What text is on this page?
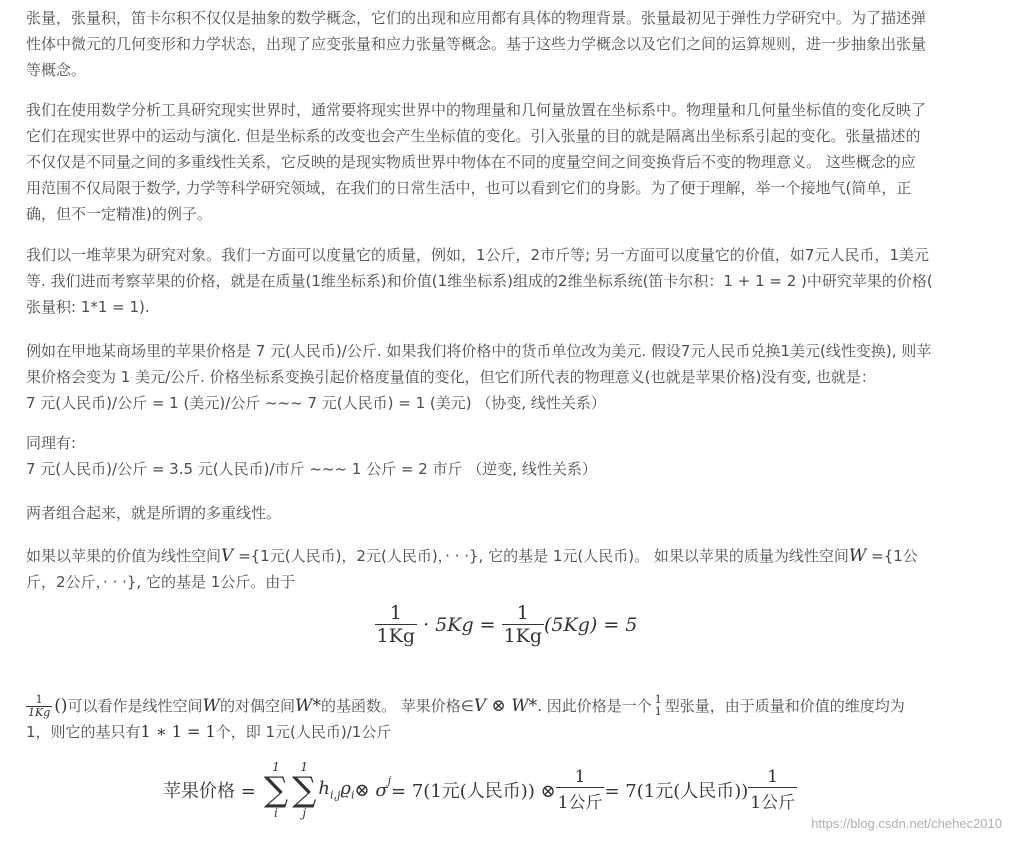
张量，张量积，笛卡尔积不仅仅是抽象的数学概念，它们的出现和应用都有具体的物理背景。张量最初见于弹性力学研究中。为了描述弹

性体中微元的几何变形和力学状态，出现了应变张量和应力张量等概念。基于这些力学概念以及它们之间的运算规则，进一步抽象出张量

等概念。

我们在使用数学分析工具研究现实世界时，通常要将现实世界中的物理量和几何量放置在坐标系中。物理量和几何量坐标值的变化反映了

它们在现实世界中的运动与演化. 但是坐标系的改变也会产生坐标值的变化。引入张量的目的就是隔离出坐标系引起的变化。张量描述的

不仅仅是不同量之间的多重线性关系，它反映的是现实物质世界中物体在不同的度量空间之间变换背后不变的物理意义。 这些概念的应

用范围不仅局限于数学, 力学等科学研究领域，在我们的日常生活中，也可以看到它们的身影。为了便于理解，举一个接地气(简单，正

确，但不一定精准)的例子。

我们以一堆苹果为研究对象。我们一方面可以度量它的质量，例如，1公斤，2市斤等; 另一方面可以度量它的价值，如7元人民币，1美元

等. 我们进而考察苹果的价格，就是在质量(1维坐标系)和价值(1维坐标系)组成的2维坐标系统(笛卡尔积：1 + 1 = 2 )中研究苹果的价格(

张量积: 1*1 = 1).

例如在甲地某商场里的苹果价格是 7 元(人民币)/公斤. 如果我们将价格中的货币单位改为美元. 假设7元人民币兑换1美元(线性变换), 则苹

果价格会变为 1 美元/公斤. 价格坐标系变换引起价格度量值的变化，但它们所代表的物理意义(也就是苹果价格)没有变, 也就是：

7 元(人民币)/公斤 = 1 (美元)/公斤 ~~~ 7 元(人民币) = 1 (美元) （协变, 线性关系）

同理有:

7 元(人民币)/公斤 = 3.5 元(人民币)/市斤 ~~~ 1 公斤 = 2 市斤 （逆变, 线性关系）

两者组合起来，就是所谓的多重线性。

如果以苹果的价值为线性空间V ={1元(人民币)，2元(人民币)，· · ·}, 它的基是 1元(人民币)。 如果以苹果的质量为线性空间W ={1公

斤，2公斤，· · ·}, 它的基是 1公斤。由于

$\frac{1}{1Kg}$ () 可以看作是线性空间 W 的对偶空间 W* 的基函数。 苹果价格∈ V ⊗ W* . 因此价格是一个 1
1 型张量，由于质量和价值的维度均为

1，则它的基只有1 ∗ 1 = 1个，即 1元(人民币)/1公斤

$\frac{1}{1Kg} \cdot 5Kg = \frac{1}{1Kg} (5Kg) = 5$
苹果价格 =
1
∑
i
1
∑
j
$h_{i,j}ϱ_i$ ⊗ $\sigma^j$
= 7(1元(人民币)) ⊗ $\frac{1}{\text{1公斤}} = 7(1$元(人民币)) $\frac{1}{\text{1公斤}}$
https://blog.csdn.net/chehec2010
